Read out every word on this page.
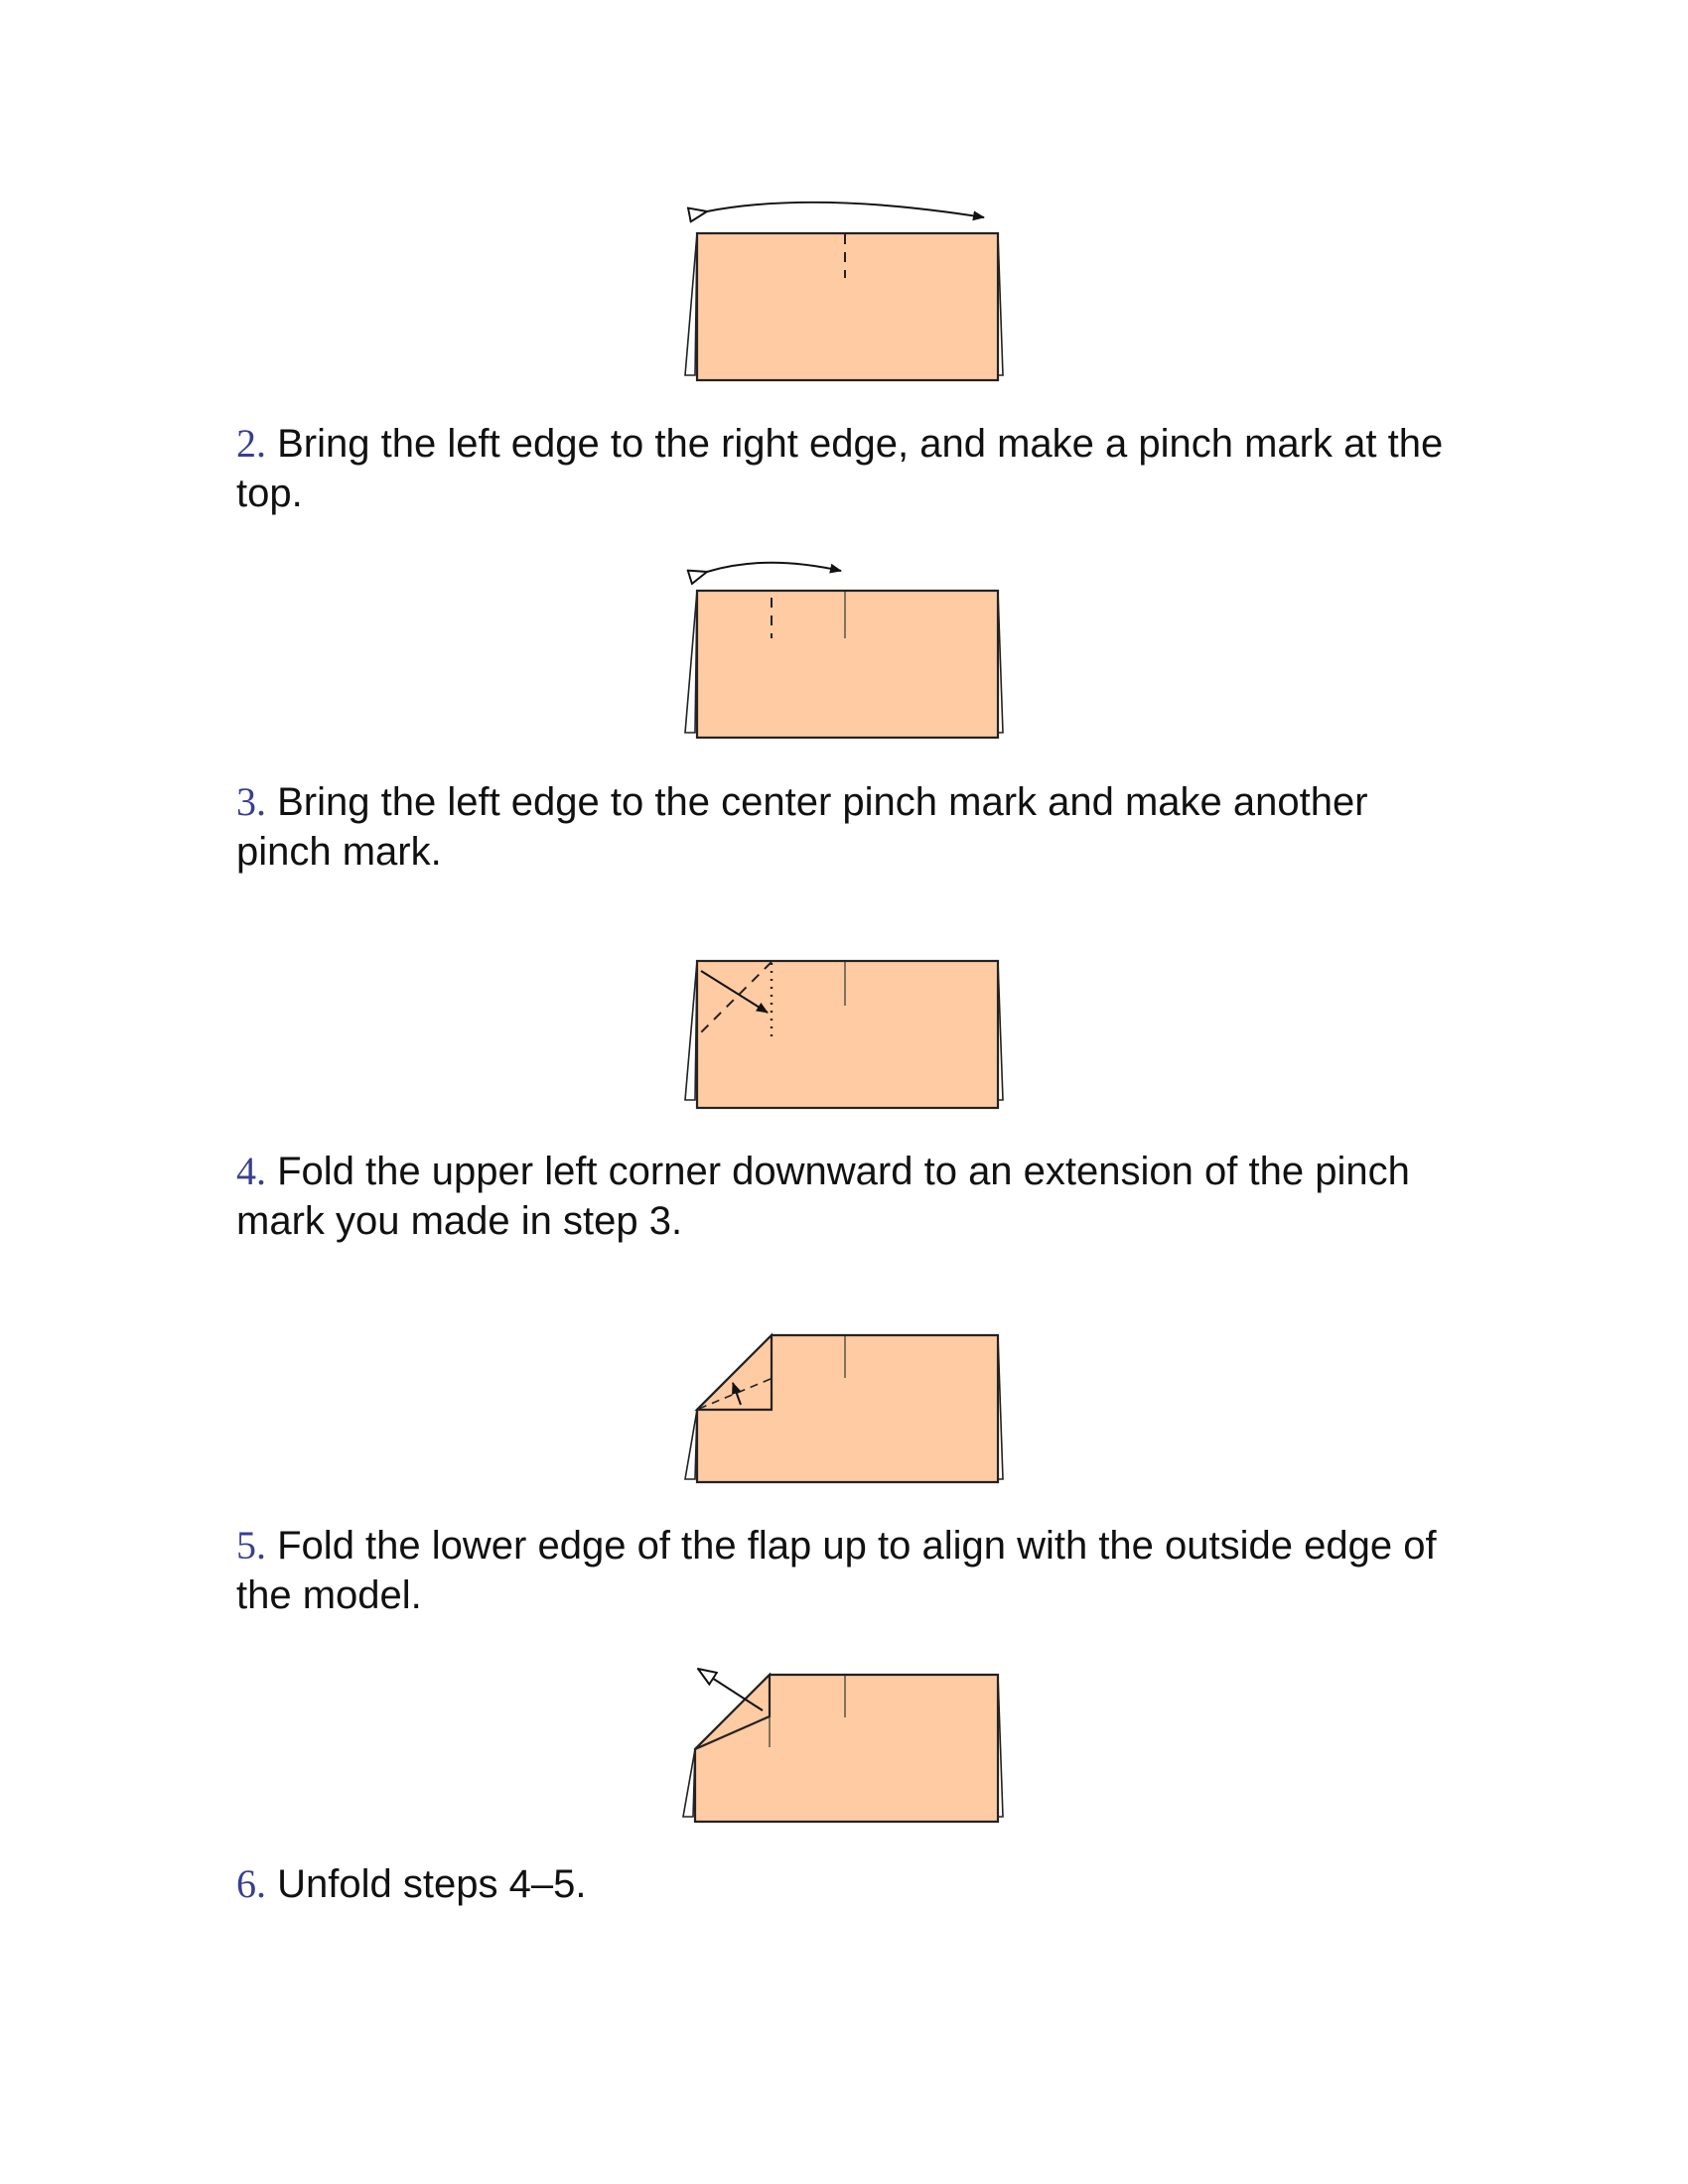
2. Bring the left edge to the right edge, and make a pinch mark at the top.

3. Bring the left edge to the center pinch mark and make another pinch mark.

4. Fold the upper left corner downward to an extension of the pinch mark you made in step 3.

5. Fold the lower edge of the flap up to align with the outside edge of the model.

6. Unfold steps 4–5.
